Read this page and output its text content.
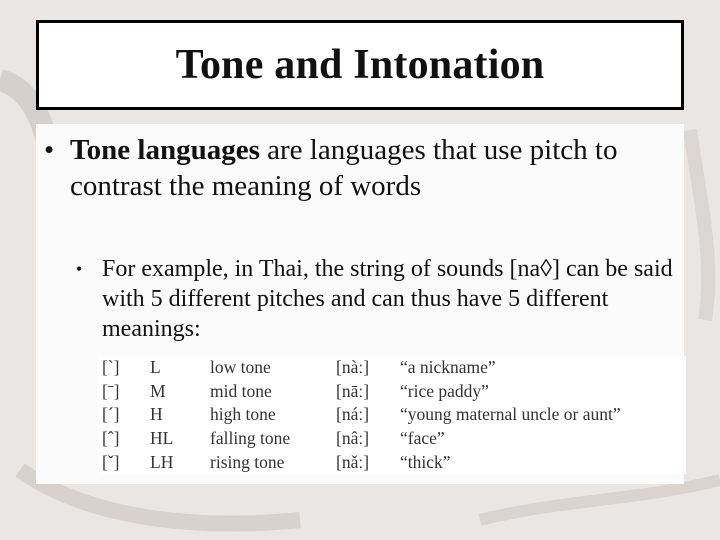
Tone and Intonation
• Tone languages are languages that use pitch to contrast the meaning of words
• For example, in Thai, the string of sounds [na◊] can be said with 5 different pitches and can thus have 5 different meanings:
[ˋ]	L	low tone	[nàː]	“a nickname”
[ˉ]	M	mid tone	[nāː]	“rice paddy”
[ˊ]	H	high tone	[náː]	“young maternal uncle or aunt”
[ˆ]	HL	falling tone	[nâː]	“face”
[ˇ]	LH	rising tone	[nǎː]	“thick”
